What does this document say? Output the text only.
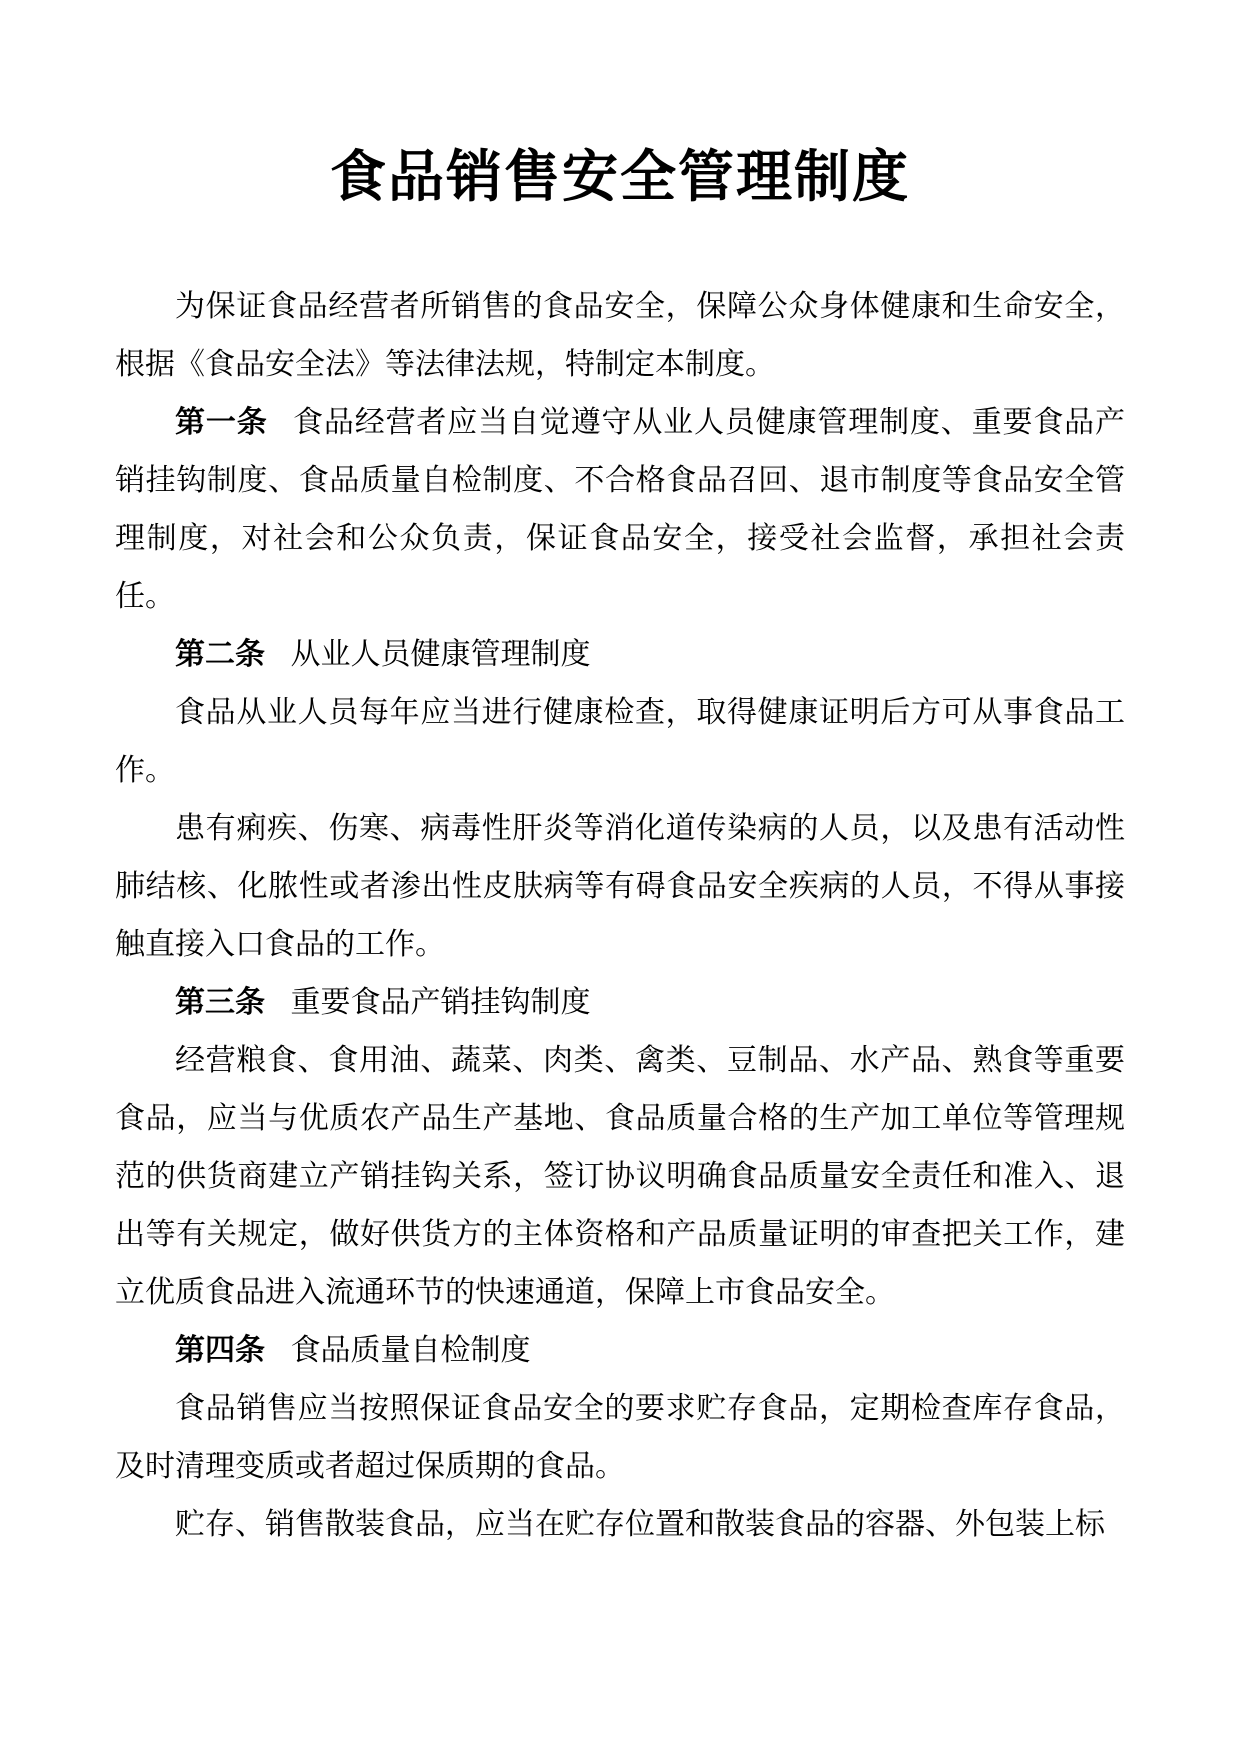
食品销售安全管理制度

为保证食品经营者所销售的食品安全，保障公众身体健康和生命安全，根据《食品安全法》等法律法规，特制定本制度。

第一条 食品经营者应当自觉遵守从业人员健康管理制度、重要食品产销挂钩制度、食品质量自检制度、不合格食品召回、退市制度等食品安全管理制度，对社会和公众负责，保证食品安全，接受社会监督，承担社会责任。

第二条 从业人员健康管理制度

食品从业人员每年应当进行健康检查，取得健康证明后方可从事食品工作。

患有痢疾、伤寒、病毒性肝炎等消化道传染病的人员，以及患有活动性肺结核、化脓性或者渗出性皮肤病等有碍食品安全疾病的人员，不得从事接触直接入口食品的工作。

第三条 重要食品产销挂钩制度

经营粮食、食用油、蔬菜、肉类、禽类、豆制品、水产品、熟食等重要食品，应当与优质农产品生产基地、食品质量合格的生产加工单位等管理规范的供货商建立产销挂钩关系，签订协议明确食品质量安全责任和准入、退出等有关规定，做好供货方的主体资格和产品质量证明的审查把关工作，建立优质食品进入流通环节的快速通道，保障上市食品安全。

第四条 食品质量自检制度

食品销售应当按照保证食品安全的要求贮存食品，定期检查库存食品，及时清理变质或者超过保质期的食品。

贮存、销售散装食品，应当在贮存位置和散装食品的容器、外包装上标
